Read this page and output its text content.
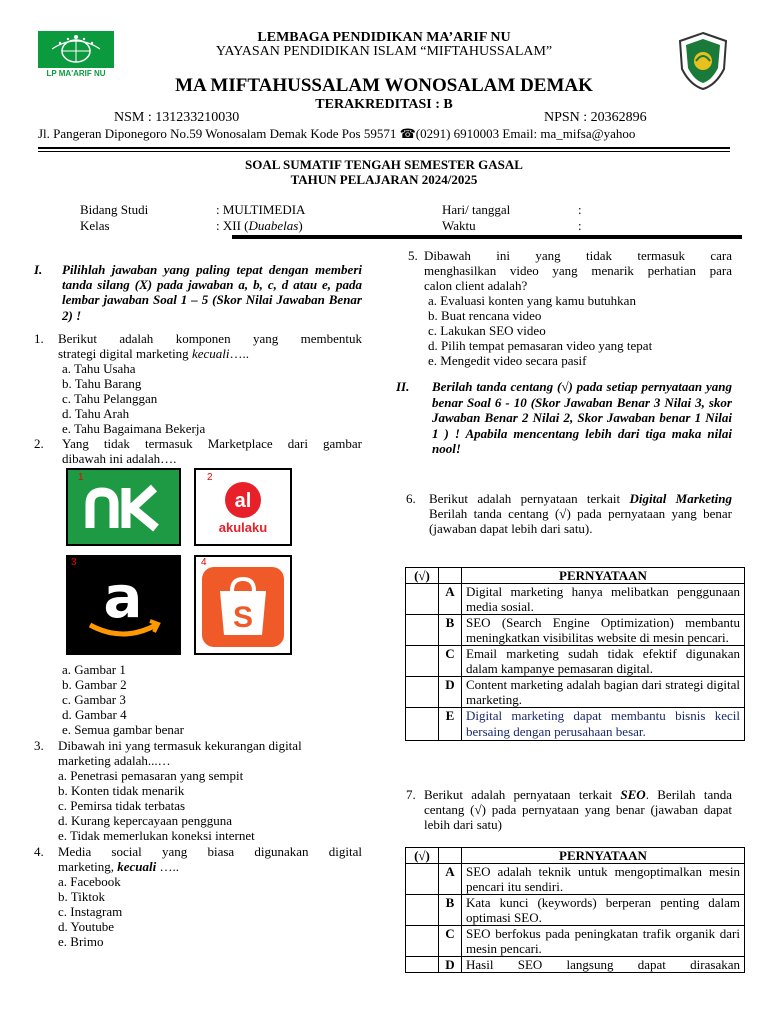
LP MA'ARIF NU
LEMBAGA PENDIDIKAN MA’ARIF NU
YAYASAN PENDIDIKAN ISLAM “MIFTAHUSSALAM”
MA MIFTAHUSSALAM WONOSALAM DEMAK
TERAKREDITASI : B
NSM : 131233210030	NPSN : 20362896
Jl. Pangeran Diponegoro No.59 Wonosalam Demak Kode Pos 59571 ☎(0291) 6910003 Email: ma_mifsa@yahoo
SOAL SUMATIF TENGAH SEMESTER GASAL
TAHUN PELAJARAN 2024/2025
Bidang Studi	: MULTIMEDIA
Kelas	: XII (Duabelas)
Hari/ tanggal	:
Waktu	:
I. Pilihlah jawaban yang paling tepat dengan memberi tanda silang (X) pada jawaban a, b, c, d atau e, pada lembar jawaban Soal 1 – 5 (Skor Nilai Jawaban Benar 2) !
1. Berikut adalah komponen yang membentuk
strategi digital marketing kecuali…..
a. Tahu Usaha
b. Tahu Barang
c. Tahu Pelanggan
d. Tahu Arah
e. Tahu Bagaimana Bekerja
2. Yang tidak termasuk Marketplace dari gambar
dibawah ini adalah….
1
al
akulaku
2
a
3
S
4
a. Gambar 1
b. Gambar 2
c. Gambar 3
d. Gambar 4
e. Semua gambar benar
3. Dibawah ini yang termasuk kekurangan digital
marketing adalah...…
a. Penetrasi pemasaran yang sempit
b. Konten tidak menarik
c. Pemirsa tidak terbatas
d. Kurang kepercayaan pengguna
e. Tidak memerlukan koneksi internet
4. Media social yang biasa digunakan digital
marketing, kecuali …..
a. Facebook
b. Tiktok
c. Instagram
d. Youtube
e. Brimo
5. Dibawah ini yang tidak termasuk cara
menghasilkan video yang menarik perhatian para
calon client adalah?
a. Evaluasi konten yang kamu butuhkan
b. Buat rencana video
c. Lakukan SEO video
d. Pilih tempat pemasaran video yang tepat
e. Mengedit video secara pasif
II. Berilah tanda centang (√) pada setiap pernyataan yang benar Soal 6 - 10 (Skor Jawaban Benar 3 Nilai 3, skor Jawaban Benar 2 Nilai 2, Skor Jawaban benar 1 Nilai 1 ) ! Apabila mencentang lebih dari tiga maka nilai nool!
6. Berikut adalah pernyataan terkait Digital Marketing Berilah tanda centang (√) pada pernyataan yang benar (jawaban dapat lebih dari satu).
(√)		PERNYATAAN
	A	Digital marketing hanya melibatkan penggunaan media sosial.
	B	SEO (Search Engine Optimization) membantu meningkatkan visibilitas website di mesin pencari.
	C	Email marketing sudah tidak efektif digunakan dalam kampanye pemasaran digital.
	D	Content marketing adalah bagian dari strategi digital marketing.
	E	Digital marketing dapat membantu bisnis kecil bersaing dengan perusahaan besar.
7. Berikut adalah pernyataan terkait SEO. Berilah tanda centang (√) pada pernyataan yang benar (jawaban dapat lebih dari satu)
(√)		PERNYATAAN
	A	SEO adalah teknik untuk mengoptimalkan mesin pencari itu sendiri.
	B	Kata kunci (keywords) berperan penting dalam optimasi SEO.
	C	SEO berfokus pada peningkatan trafik organik dari mesin pencari.
	D	Hasil SEO langsung dapat dirasakan
